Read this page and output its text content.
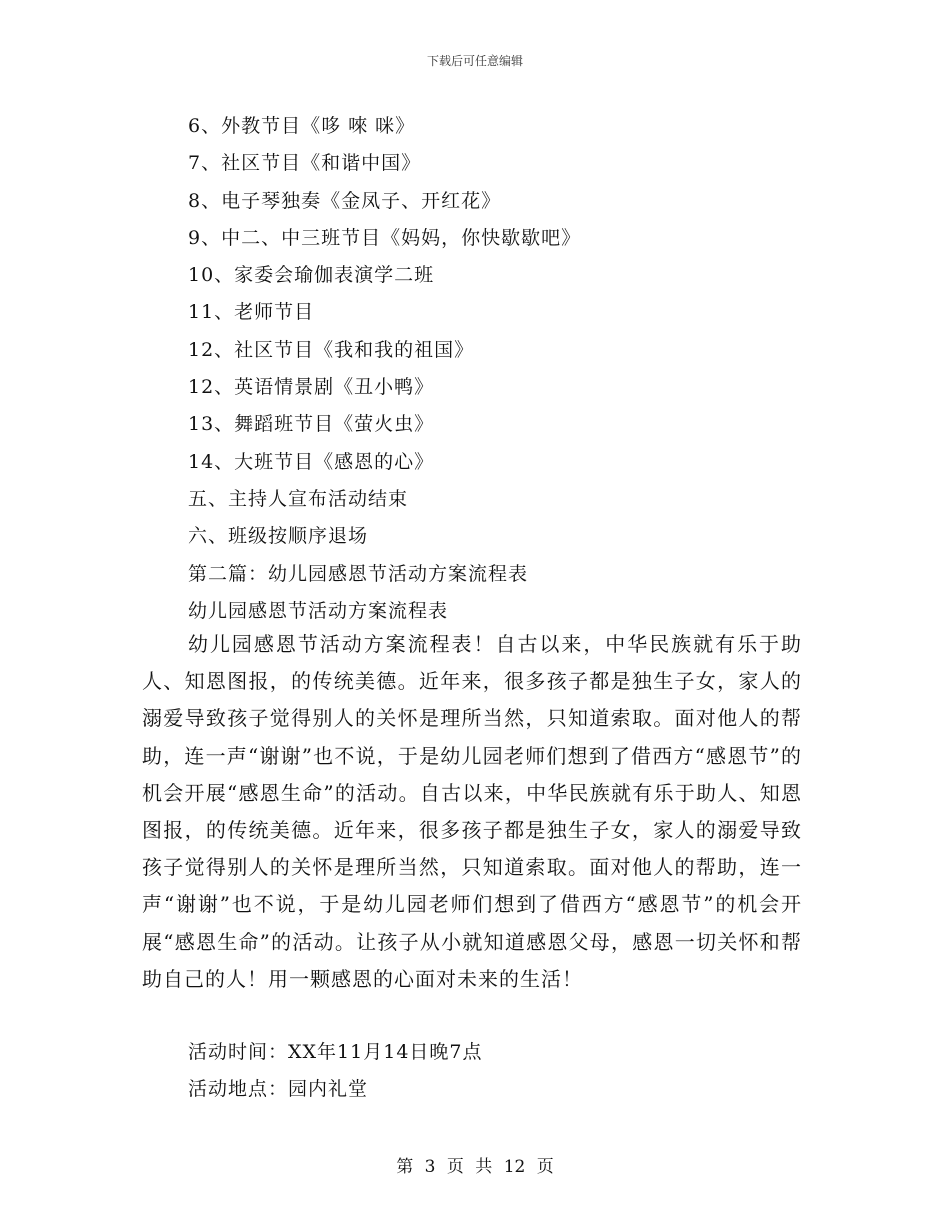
下载后可任意编辑
6、外教节目《哆 唻 咪》
7、社区节目《和谐中国》
8、电子琴独奏《金凤子、开红花》
9、中二、中三班节目《妈妈，你快歇歇吧》
10、家委会瑜伽表演学二班
11、老师节目
12、社区节目《我和我的祖国》
12、英语情景剧《丑小鸭》
13、舞蹈班节目《萤火虫》
14、大班节目《感恩的心》
五、主持人宣布活动结束
六、班级按顺序退场
第二篇：幼儿园感恩节活动方案流程表
幼儿园感恩节活动方案流程表

幼儿园感恩节活动方案流程表！自古以来，中华民族就有乐于助人、知恩图报，的传统美德。近年来，很多孩子都是独生子女，家人的溺爱导致孩子觉得别人的关怀是理所当然，只知道索取。面对他人的帮助，连一声“谢谢”也不说，于是幼儿园老师们想到了借西方“感恩节”的机会开展“感恩生命”的活动。自古以来，中华民族就有乐于助人、知恩图报，的传统美德。近年来，很多孩子都是独生子女，家人的溺爱导致孩子觉得别人的关怀是理所当然，只知道索取。面对他人的帮助，连一声“谢谢”也不说，于是幼儿园老师们想到了借西方“感恩节”的机会开展“感恩生命”的活动。让孩子从小就知道感恩父母，感恩一切关怀和帮助自己的人！用一颗感恩的心面对未来的生活！

活动时间：XX年11月14日晚7点
活动地点：园内礼堂
第 3 页 共 12 页
